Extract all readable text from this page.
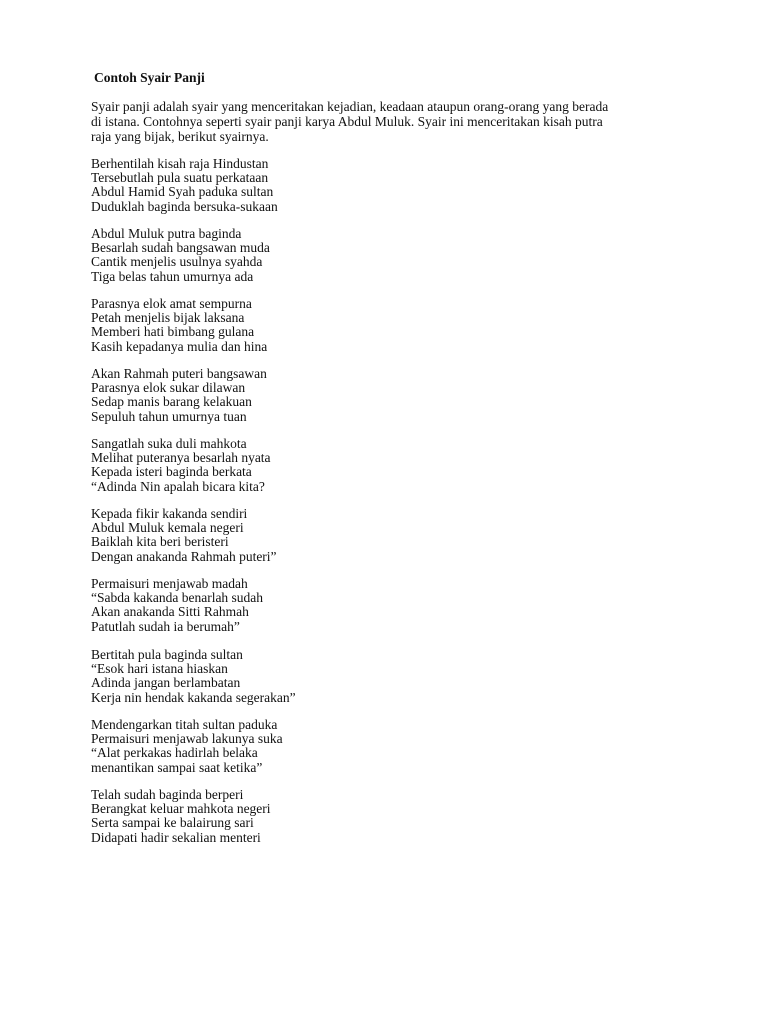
Contoh Syair Panji
Syair panji adalah syair yang menceritakan kejadian, keadaan ataupun orang-orang yang berada
di istana. Contohnya seperti syair panji karya Abdul Muluk. Syair ini menceritakan kisah putra
raja yang bijak, berikut syairnya.
Berhentilah kisah raja Hindustan
Tersebutlah pula suatu perkataan
Abdul Hamid Syah paduka sultan
Duduklah baginda bersuka-sukaan
Abdul Muluk putra baginda
Besarlah sudah bangsawan muda
Cantik menjelis usulnya syahda
Tiga belas tahun umurnya ada
Parasnya elok amat sempurna
Petah menjelis bijak laksana
Memberi hati bimbang gulana
Kasih kepadanya mulia dan hina
Akan Rahmah puteri bangsawan
Parasnya elok sukar dilawan
Sedap manis barang kelakuan
Sepuluh tahun umurnya tuan
Sangatlah suka duli mahkota
Melihat puteranya besarlah nyata
Kepada isteri baginda berkata
“Adinda Nin apalah bicara kita?
Kepada fikir kakanda sendiri
Abdul Muluk kemala negeri
Baiklah kita beri beristeri
Dengan anakanda Rahmah puteri”
Permaisuri menjawab madah
“Sabda kakanda benarlah sudah
Akan anakanda Sitti Rahmah
Patutlah sudah ia berumah”
Bertitah pula baginda sultan
“Esok hari istana hiaskan
Adinda jangan berlambatan
Kerja nin hendak kakanda segerakan”
Mendengarkan titah sultan paduka
Permaisuri menjawab lakunya suka
“Alat perkakas hadirlah belaka
menantikan sampai saat ketika”
Telah sudah baginda berperi
Berangkat keluar mahkota negeri
Serta sampai ke balairung sari
Didapati hadir sekalian menteri
